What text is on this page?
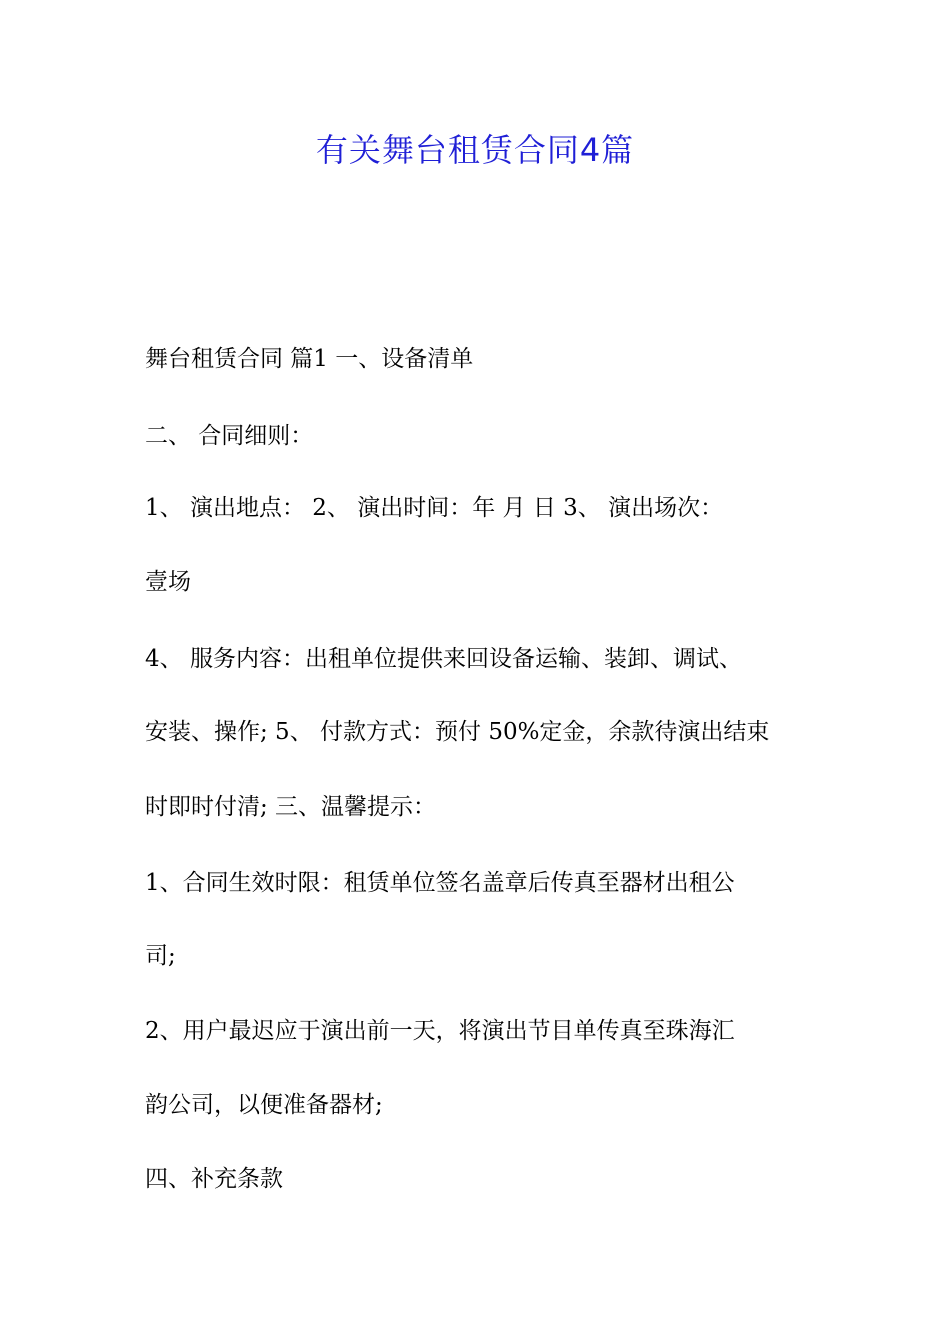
有关舞台租赁合同4篇
舞台租赁合同 篇1 一、设备清单
二、 合同细则：
1、 演出地点： 2、 演出时间：年 月 日 3、 演出场次：
壹场
4、 服务内容：出租单位提供来回设备运输、装卸、调试、
安装、操作; 5、 付款方式：预付 50%定金，余款待演出结束
时即时付清; 三、温馨提示：
1、合同生效时限：租赁单位签名盖章后传真至器材出租公
司;
2、用户最迟应于演出前一天，将演出节目单传真至珠海汇
韵公司，以便准备器材;
四、补充条款
